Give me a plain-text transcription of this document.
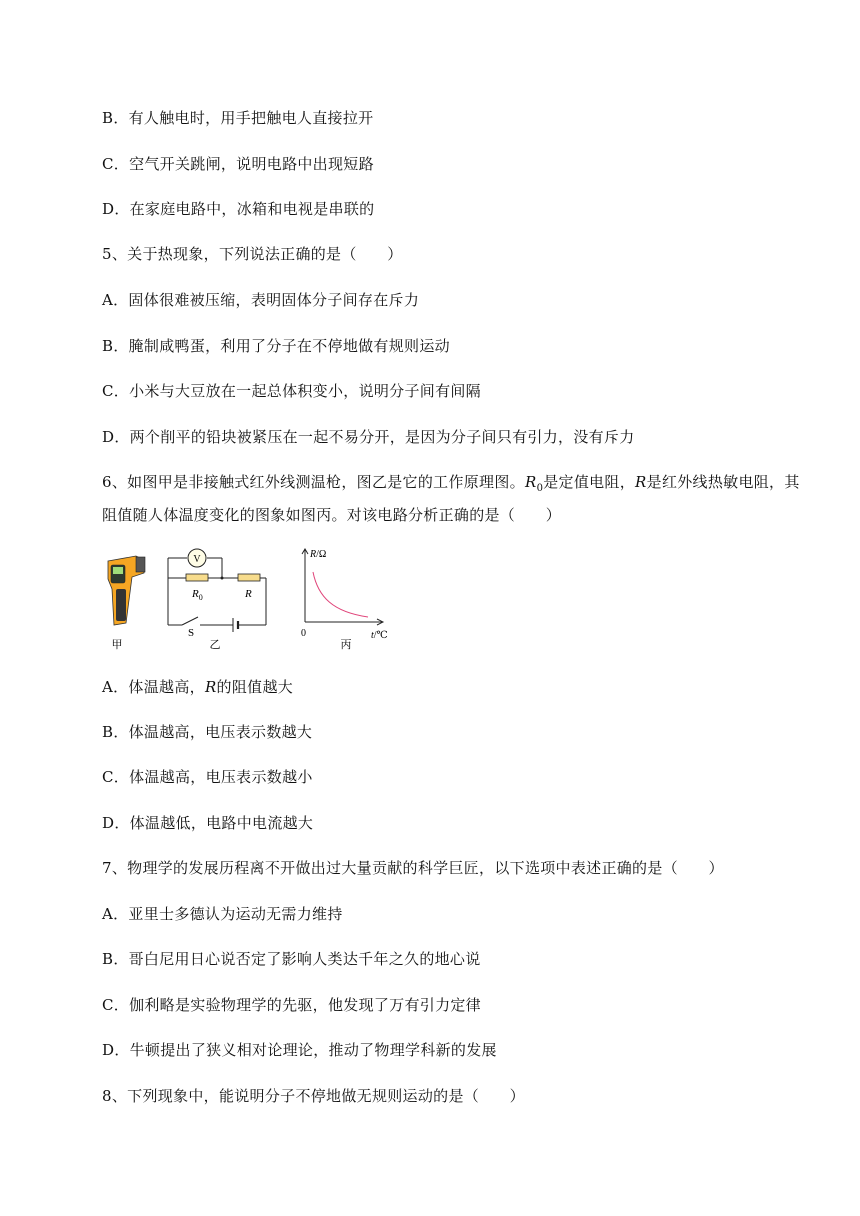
B．有人触电时，用手把触电人直接拉开
C．空气开关跳闸，说明电路中出现短路
D．在家庭电路中，冰箱和电视是串联的
5、关于热现象，下列说法正确的是（　　）
A．固体很难被压缩，表明固体分子间存在斥力
B．腌制咸鸭蛋，利用了分子在不停地做有规则运动
C．小米与大豆放在一起总体积变小，说明分子间有间隔
D．两个削平的铅块被紧压在一起不易分开，是因为分子间只有引力，没有斥力
6、如图甲是非接触式红外线测温枪，图乙是它的工作原理图。$R_0$是定值电阻，R是红外线热敏电阻，其阻值随人体温度变化的图象如图丙。对该电路分析正确的是（　　）
甲
V
$R_0$	R
S
乙
R/Ω
0	t/℃
丙
A．体温越高，R的阻值越大
B．体温越高，电压表示数越大
C．体温越高，电压表示数越小
D．体温越低，电路中电流越大
7、物理学的发展历程离不开做出过大量贡献的科学巨匠，以下选项中表述正确的是（　　）
A．亚里士多德认为运动无需力维持
B．哥白尼用日心说否定了影响人类达千年之久的地心说
C．伽利略是实验物理学的先驱，他发现了万有引力定律
D．牛顿提出了狭义相对论理论，推动了物理学科新的发展
8、下列现象中，能说明分子不停地做无规则运动的是（　　）
